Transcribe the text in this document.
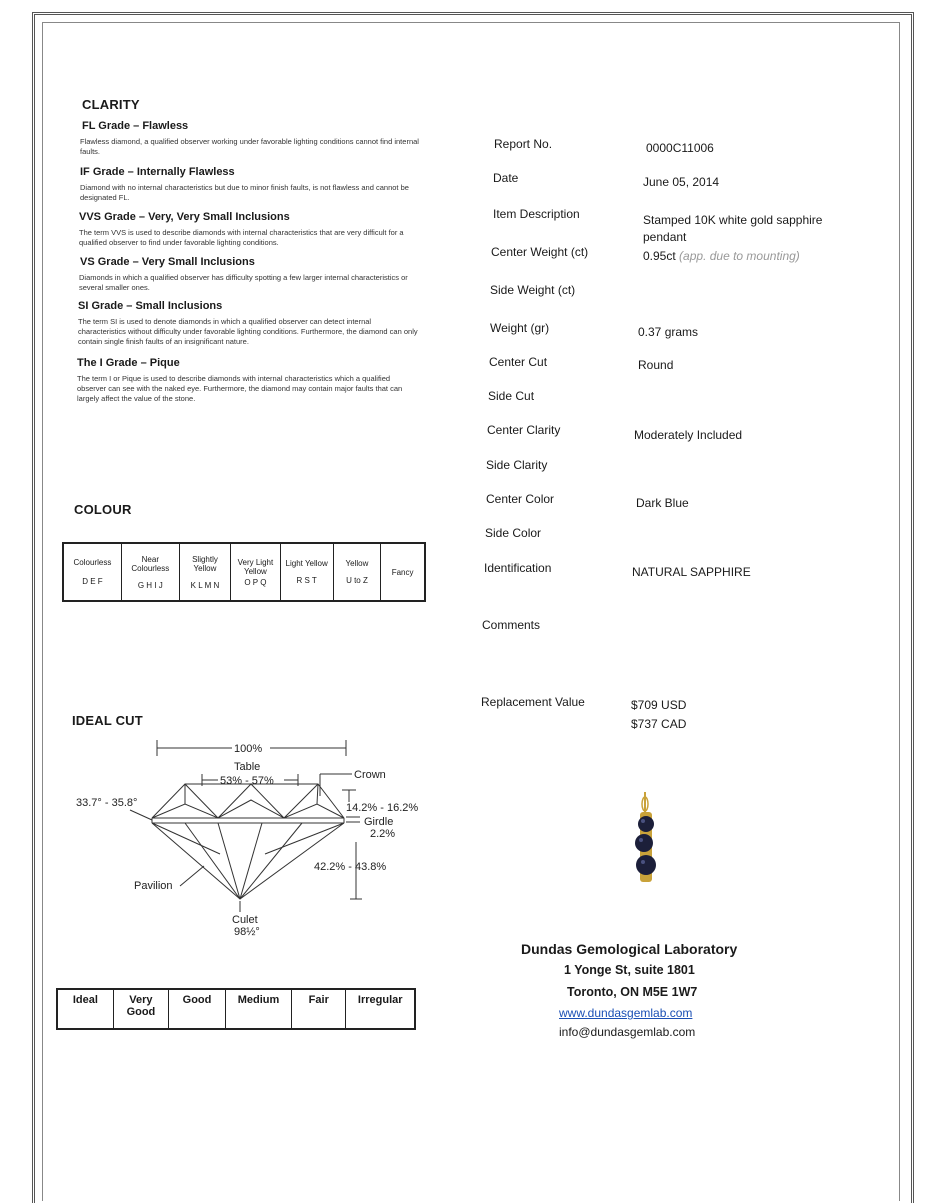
CLARITY
FL Grade – Flawless
Flawless diamond, a qualified observer working under favorable lighting conditions cannot find internal faults.
IF Grade – Internally Flawless
Diamond with no internal characteristics but due to minor finish faults, is not flawless and cannot be designated FL.
VVS Grade – Very, Very Small Inclusions
The term VVS is used to describe diamonds with internal characteristics that are very difficult for a qualified observer to find under favorable lighting conditions.
VS Grade – Very Small Inclusions
Diamonds in which a qualified observer has difficulty spotting a few larger internal characteristics or several smaller ones.
SI Grade – Small Inclusions
The term SI is used to denote diamonds in which a qualified observer can detect internal characteristics without difficulty under favorable lighting conditions. Furthermore, the diamond can only contain single finish faults of an insignificant nature.
The I Grade – Pique
The term I or Pique is used to describe diamonds with internal characteristics which a qualified observer can see with the naked eye. Furthermore, the diamond may contain major faults that can largely affect the value of the stone.
COLOUR
Colourless
D E F

Near Colourless
G H I J

Slightly Yellow
K L M N

Very Light Yellow
O P Q

Light Yellow
R S T

Yellow
U to Z

Fancy
IDEAL CUT
100%
Table
53% - 57%	Crown
33.7° - 35.8°	14.2% - 16.2%
Girdle
2.2%
42.2% - 43.8%
Pavilion
Culet
98½°
Ideal	Very Good	Good	Medium	Fair	Irregular
Report No.	0000C11006
Date	June 05, 2014
Item Description	Stamped 10K white gold sapphire pendant
Center Weight (ct)	0.95ct (app. due to mounting)
Side Weight (ct)
Weight (gr)	0.37 grams
Center Cut	Round
Side Cut
Center Clarity	Moderately Included
Side Clarity
Center Color	Dark Blue
Side Color
Identification	NATURAL SAPPHIRE
Comments
Replacement Value	$709 USD
$737 CAD
Dundas Gemological Laboratory
1 Yonge St, suite 1801
Toronto, ON M5E 1W7
www.dundasgemlab.com
info@dundasgemlab.com
